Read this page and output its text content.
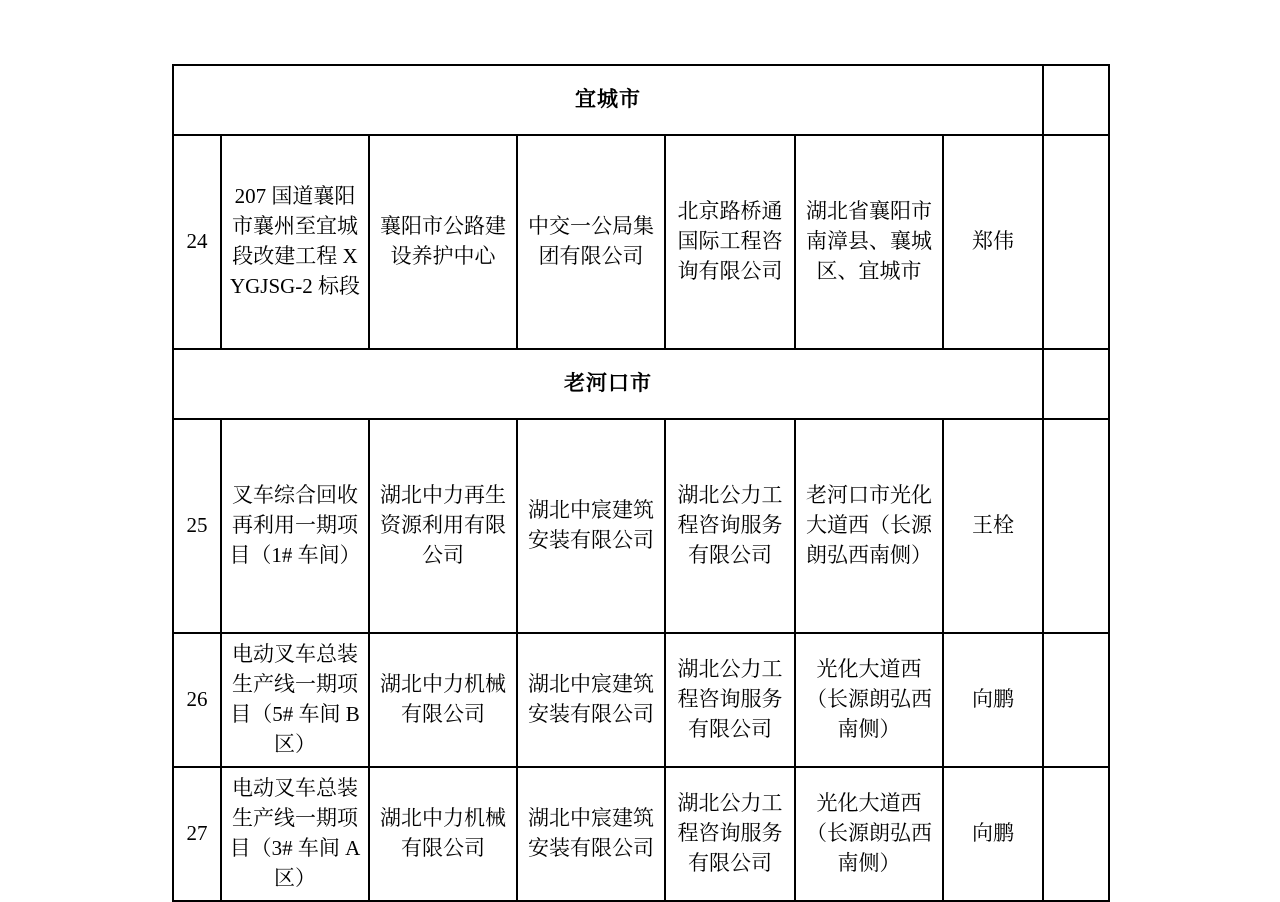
宜城市							
24	207 国道襄阳市襄州至宜城段改建工程 XYGJSG-2 标段	襄阳市公路建设养护中心	中交一公局集团有限公司	北京路桥通国际工程咨询有限公司	湖北省襄阳市南漳县、襄城区、宜城市	郑伟	
老河口市							
25	叉车综合回收再利用一期项目（1# 车间）	湖北中力再生资源利用有限公司	湖北中宸建筑安装有限公司	湖北公力工程咨询服务有限公司	老河口市光化大道西（长源朗弘西南侧）	王栓	
26	电动叉车总装生产线一期项目（5# 车间 B 区）	湖北中力机械有限公司	湖北中宸建筑安装有限公司	湖北公力工程咨询服务有限公司	光化大道西（长源朗弘西南侧）	向鹏	
27	电动叉车总装生产线一期项目（3# 车间 A 区）	湖北中力机械有限公司	湖北中宸建筑安装有限公司	湖北公力工程咨询服务有限公司	光化大道西（长源朗弘西南侧）	向鹏	
